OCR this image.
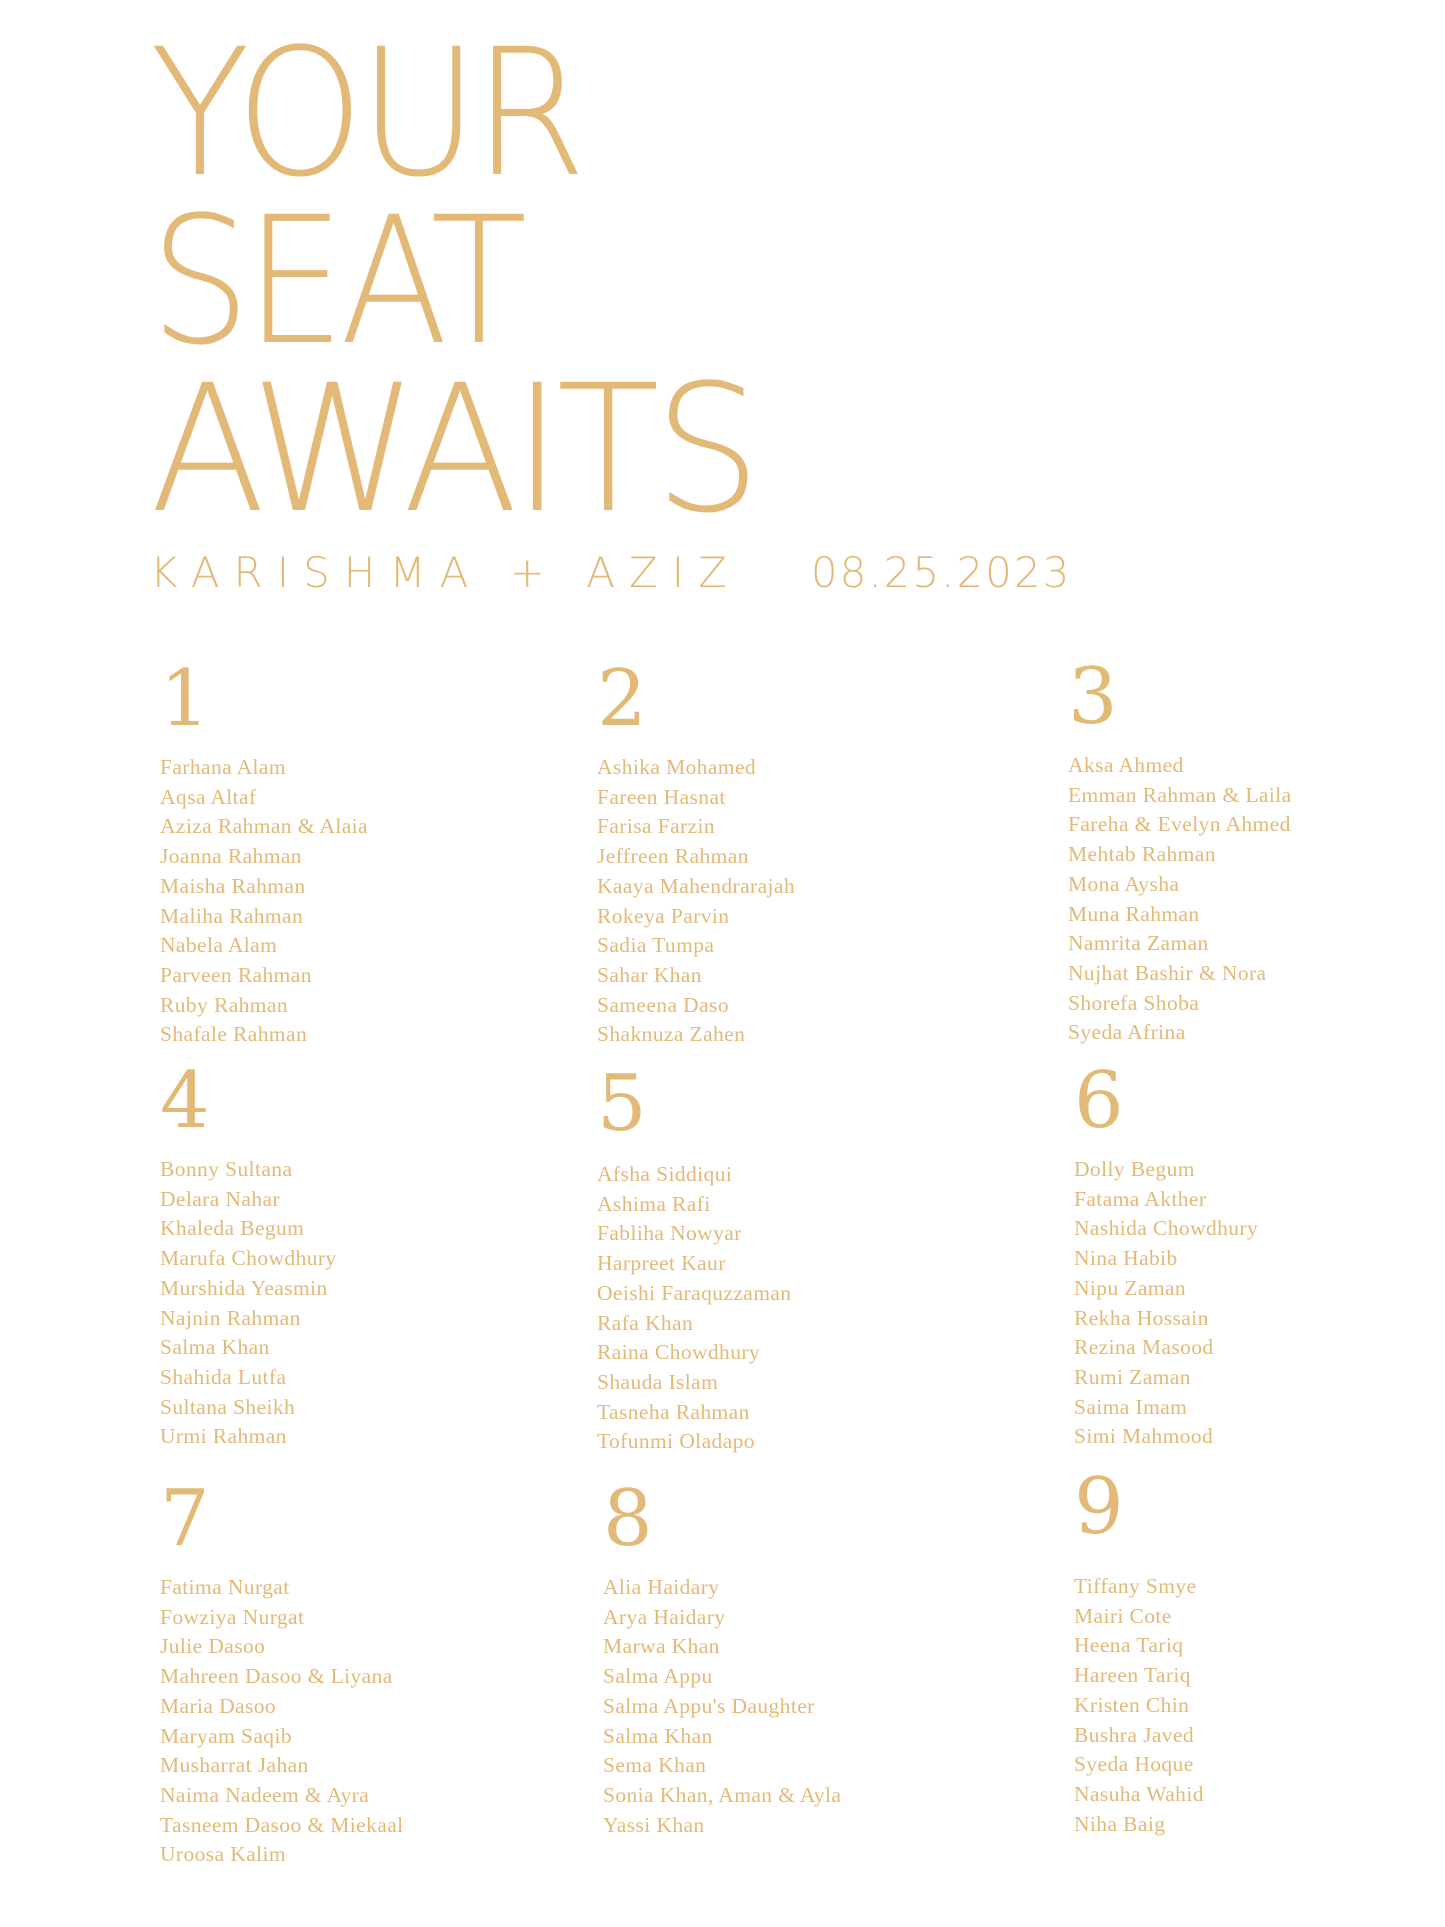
YOUR
SEAT
AWAITS
KARISHMA + AZIZ 08.25.2023
1
Farhana Alam
Aqsa Altaf
Aziza Rahman & Alaia
Joanna Rahman
Maisha Rahman
Maliha Rahman
Nabela Alam
Parveen Rahman
Ruby Rahman
Shafale Rahman
2
Ashika Mohamed
Fareen Hasnat
Farisa Farzin
Jeffreen Rahman
Kaaya Mahendrarajah
Rokeya Parvin
Sadia Tumpa
Sahar Khan
Sameena Daso
Shaknuza Zahen
3
Aksa Ahmed
Emman Rahman & Laila
Fareha & Evelyn Ahmed
Mehtab Rahman
Mona Aysha
Muna Rahman
Namrita Zaman
Nujhat Bashir & Nora
Shorefa Shoba
Syeda Afrina
4
Bonny Sultana
Delara Nahar
Khaleda Begum
Marufa Chowdhury
Murshida Yeasmin
Najnin Rahman
Salma Khan
Shahida Lutfa
Sultana Sheikh
Urmi Rahman
5
Afsha Siddiqui
Ashima Rafi
Fabliha Nowyar
Harpreet Kaur
Oeishi Faraquzzaman
Rafa Khan
Raina Chowdhury
Shauda Islam
Tasneha Rahman
Tofunmi Oladapo
6
Dolly Begum
Fatama Akther
Nashida Chowdhury
Nina Habib
Nipu Zaman
Rekha Hossain
Rezina Masood
Rumi Zaman
Saima Imam
Simi Mahmood
7
Fatima Nurgat
Fowziya Nurgat
Julie Dasoo
Mahreen Dasoo & Liyana
Maria Dasoo
Maryam Saqib
Musharrat Jahan
Naima Nadeem & Ayra
Tasneem Dasoo & Miekaal
Uroosa Kalim
8
Alia Haidary
Arya Haidary
Marwa Khan
Salma Appu
Salma Appu's Daughter
Salma Khan
Sema Khan
Sonia Khan, Aman & Ayla
Yassi Khan
9
Tiffany Smye
Mairi Cote
Heena Tariq
Hareen Tariq
Kristen Chin
Bushra Javed
Syeda Hoque
Nasuha Wahid
Niha Baig
